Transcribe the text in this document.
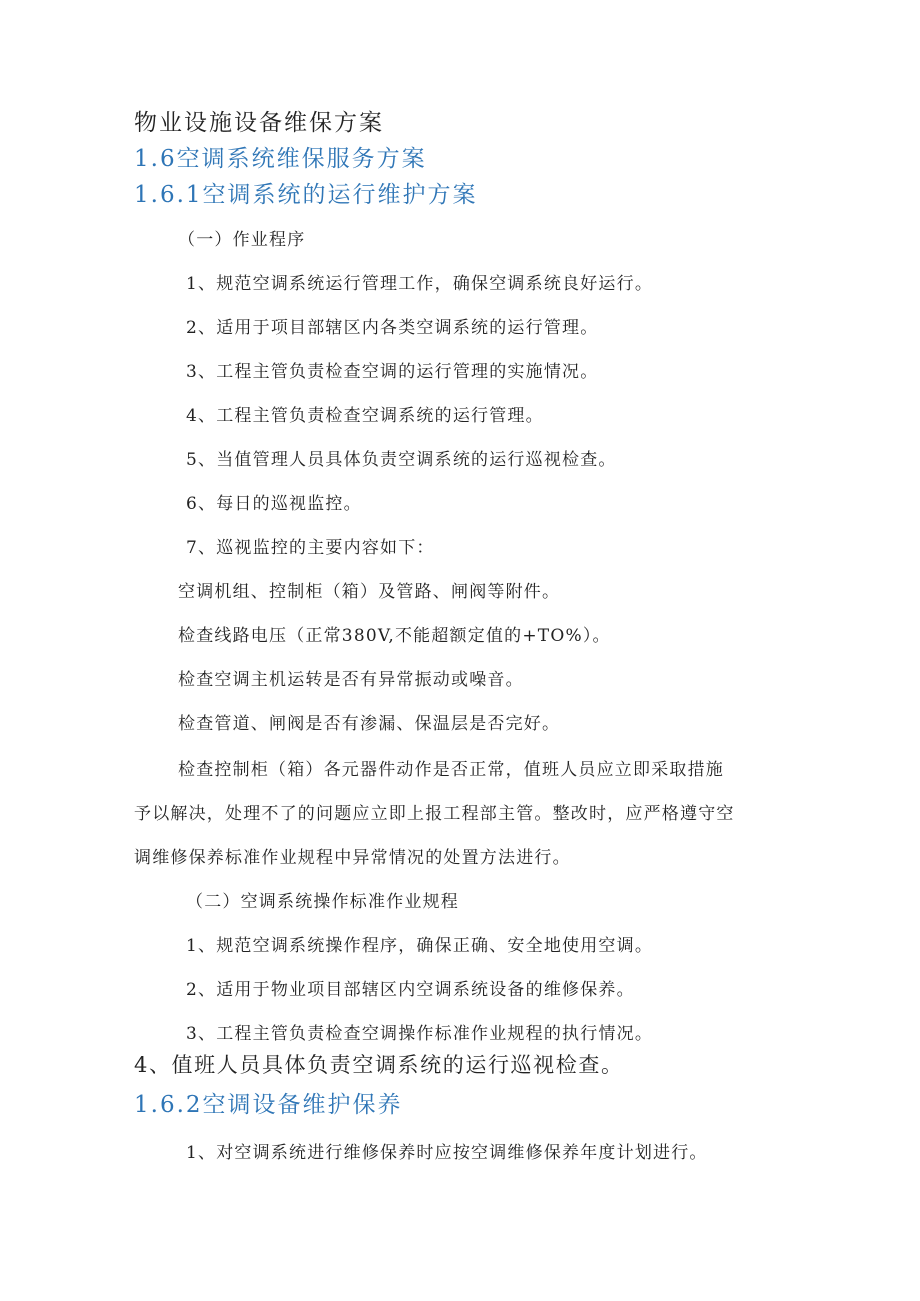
物业设施设备维保方案
1.6空调系统维保服务方案
1.6.1空调系统的运行维护方案
（一）作业程序
1、规范空调系统运行管理工作，确保空调系统良好运行。
2、适用于项目部辖区内各类空调系统的运行管理。
3、工程主管负责检查空调的运行管理的实施情况。
4、工程主管负责检查空调系统的运行管理。
5、当值管理人员具体负责空调系统的运行巡视检查。
6、每日的巡视监控。
7、巡视监控的主要内容如下：
空调机组、控制柜（箱）及管路、闸阀等附件。
检查线路电压（正常380V,不能超额定值的+TO%）。
检查空调主机运转是否有异常振动或噪音。
检查管道、闸阀是否有渗漏、保温层是否完好。
检查控制柜（箱）各元器件动作是否正常，值班人员应立即采取措施
予以解决，处理不了的问题应立即上报工程部主管。整改时，应严格遵守空
调维修保养标准作业规程中异常情况的处置方法进行。
（二）空调系统操作标准作业规程
1、规范空调系统操作程序，确保正确、安全地使用空调。
2、适用于物业项目部辖区内空调系统设备的维修保养。
3、工程主管负责检查空调操作标准作业规程的执行情况。
4、值班人员具体负责空调系统的运行巡视检查。
1.6.2空调设备维护保养
1、对空调系统进行维修保养时应按空调维修保养年度计划进行。
